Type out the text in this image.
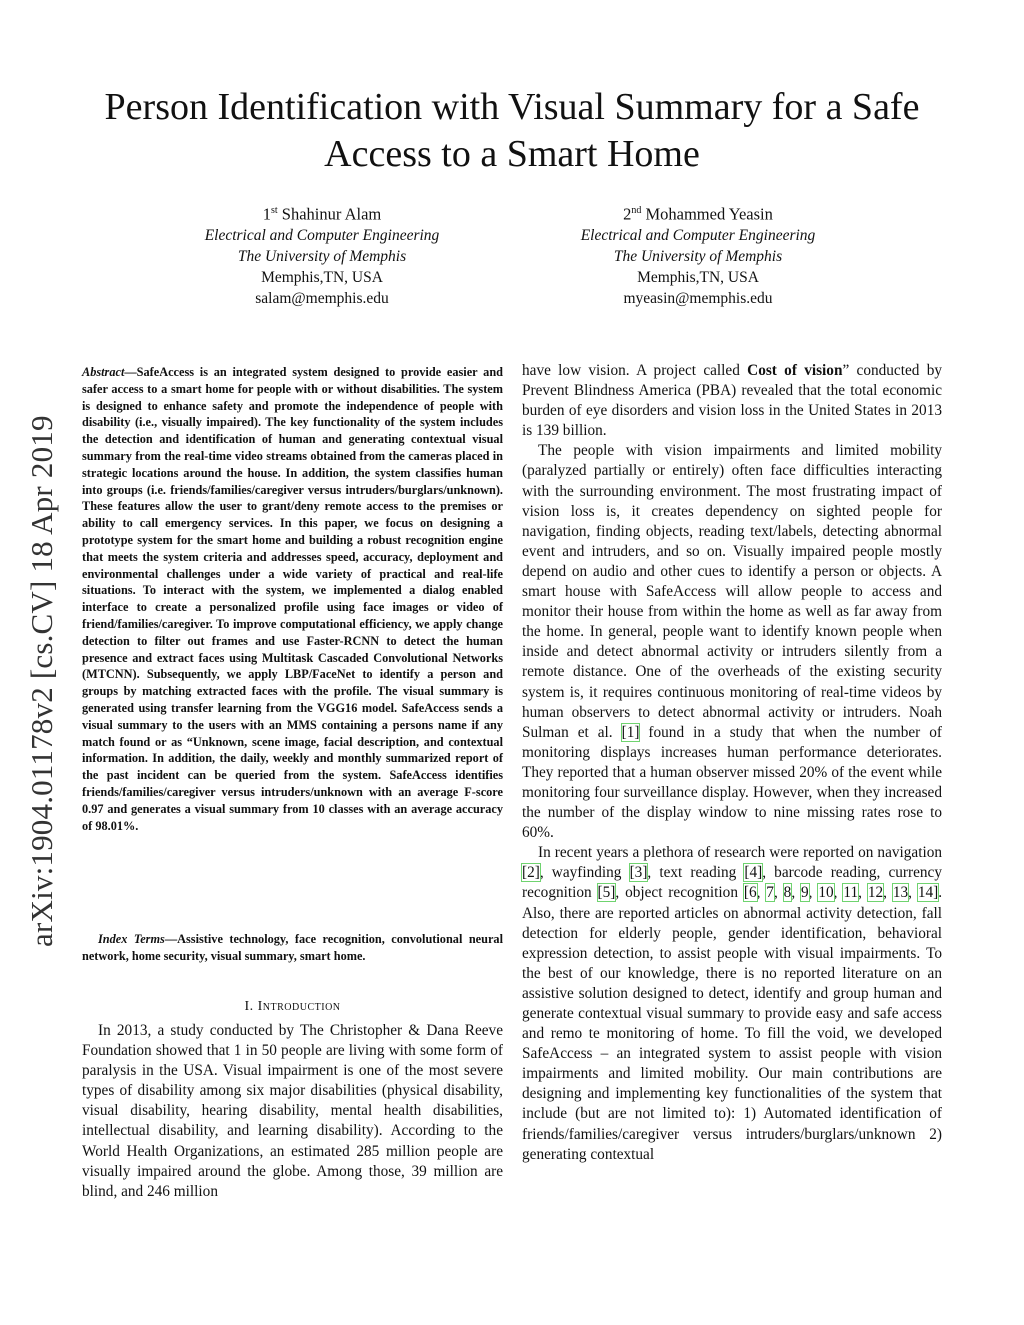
Person Identification with Visual Summary for a Safe Access to a Smart Home
1st Shahinur Alam
Electrical and Computer Engineering
The University of Memphis
Memphis,TN, USA
salam@memphis.edu
2nd Mohammed Yeasin
Electrical and Computer Engineering
The University of Memphis
Memphis,TN, USA
myeasin@memphis.edu
arXiv:1904.01178v2 [cs.CV] 18 Apr 2019
Abstract—SafeAccess is an integrated system designed to provide easier and safer access to a smart home for people with or without disabilities. The system is designed to enhance safety and promote the independence of people with disability (i.e., visually impaired). The key functionality of the system includes the detection and identification of human and generating contextual visual summary from the real-time video streams obtained from the cameras placed in strategic locations around the house. In addition, the system classifies human into groups (i.e. friends/families/caregiver versus intruders/burglars/unknown). These features allow the user to grant/deny remote access to the premises or ability to call emergency services. In this paper, we focus on designing a prototype system for the smart home and building a robust recognition engine that meets the system criteria and addresses speed, accuracy, deployment and environmental challenges under a wide variety of practical and real-life situations. To interact with the system, we implemented a dialog enabled interface to create a personalized profile using face images or video of friend/families/caregiver. To improve computational efficiency, we apply change detection to filter out frames and use Faster-RCNN to detect the human presence and extract faces using Multitask Cascaded Convolutional Networks (MTCNN). Subsequently, we apply LBP/FaceNet to identify a person and groups by matching extracted faces with the profile. The visual summary is generated using transfer learning from the VGG16 model. SafeAccess sends a visual summary to the users with an MMS containing a persons name if any match found or as “Unknown, scene image, facial description, and contextual information. In addition, the daily, weekly and monthly summarized report of the past incident can be queried from the system. SafeAccess identifies friends/families/caregiver versus intruders/unknown with an average F-score 0.97 and generates a visual summary from 10 classes with an average accuracy of 98.01%.
Index Terms—Assistive technology, face recognition, convolutional neural network, home security, visual summary, smart home.
I. Introduction
In 2013, a study conducted by The Christopher & Dana Reeve Foundation showed that 1 in 50 people are living with some form of paralysis in the USA. Visual impairment is one of the most severe types of disability among six major disabilities (physical disability, visual disability, hearing disability, mental health disabilities, intellectual disability, and learning disability). According to the World Health Organizations, an estimated 285 million people are visually impaired around the globe. Among those, 39 million are blind, and 246 million

have low vision. A project called Cost of vision” conducted by Prevent Blindness America (PBA) revealed that the total economic burden of eye disorders and vision loss in the United States in 2013 is 139 billion.

The people with vision impairments and limited mobility (paralyzed partially or entirely) often face difficulties interacting with the surrounding environment. The most frustrating impact of vision loss is, it creates dependency on sighted people for navigation, finding objects, reading text/labels, detecting abnormal event and intruders, and so on. Visually impaired people mostly depend on audio and other cues to identify a person or objects. A smart house with SafeAccess will allow people to access and monitor their house from within the home as well as far away from the home. In general, people want to identify known people when inside and detect abnormal activity or intruders silently from a remote distance. One of the overheads of the existing security system is, it requires continuous monitoring of real-time videos by human observers to detect abnormal activity or intruders. Noah Sulman et al. [1] found in a study that when the number of monitoring displays increases human performance deteriorates. They reported that a human observer missed 20% of the event while monitoring four surveillance display. However, when they increased the number of the display window to nine missing rates rose to 60%.

In recent years a plethora of research were reported on navigation [2], wayfinding [3], text reading [4], barcode reading, currency recognition [5], object recognition [6, 7, 8, 9, 10, 11, 12, 13, 14]. Also, there are reported articles on abnormal activity detection, fall detection for elderly people, gender identification, behavioral expression detection, to assist people with visual impairments. To the best of our knowledge, there is no reported literature on an assistive solution designed to detect, identify and group human and generate contextual visual summary to provide easy and safe access and remo te monitoring of home. To fill the void, we developed SafeAccess – an integrated system to assist people with vision impairments and limited mobility. Our main contributions are designing and implementing key functionalities of the system that include (but are not limited to): 1) Automated identification of friends/families/caregiver versus intruders/burglars/unknown 2) generating contextual
